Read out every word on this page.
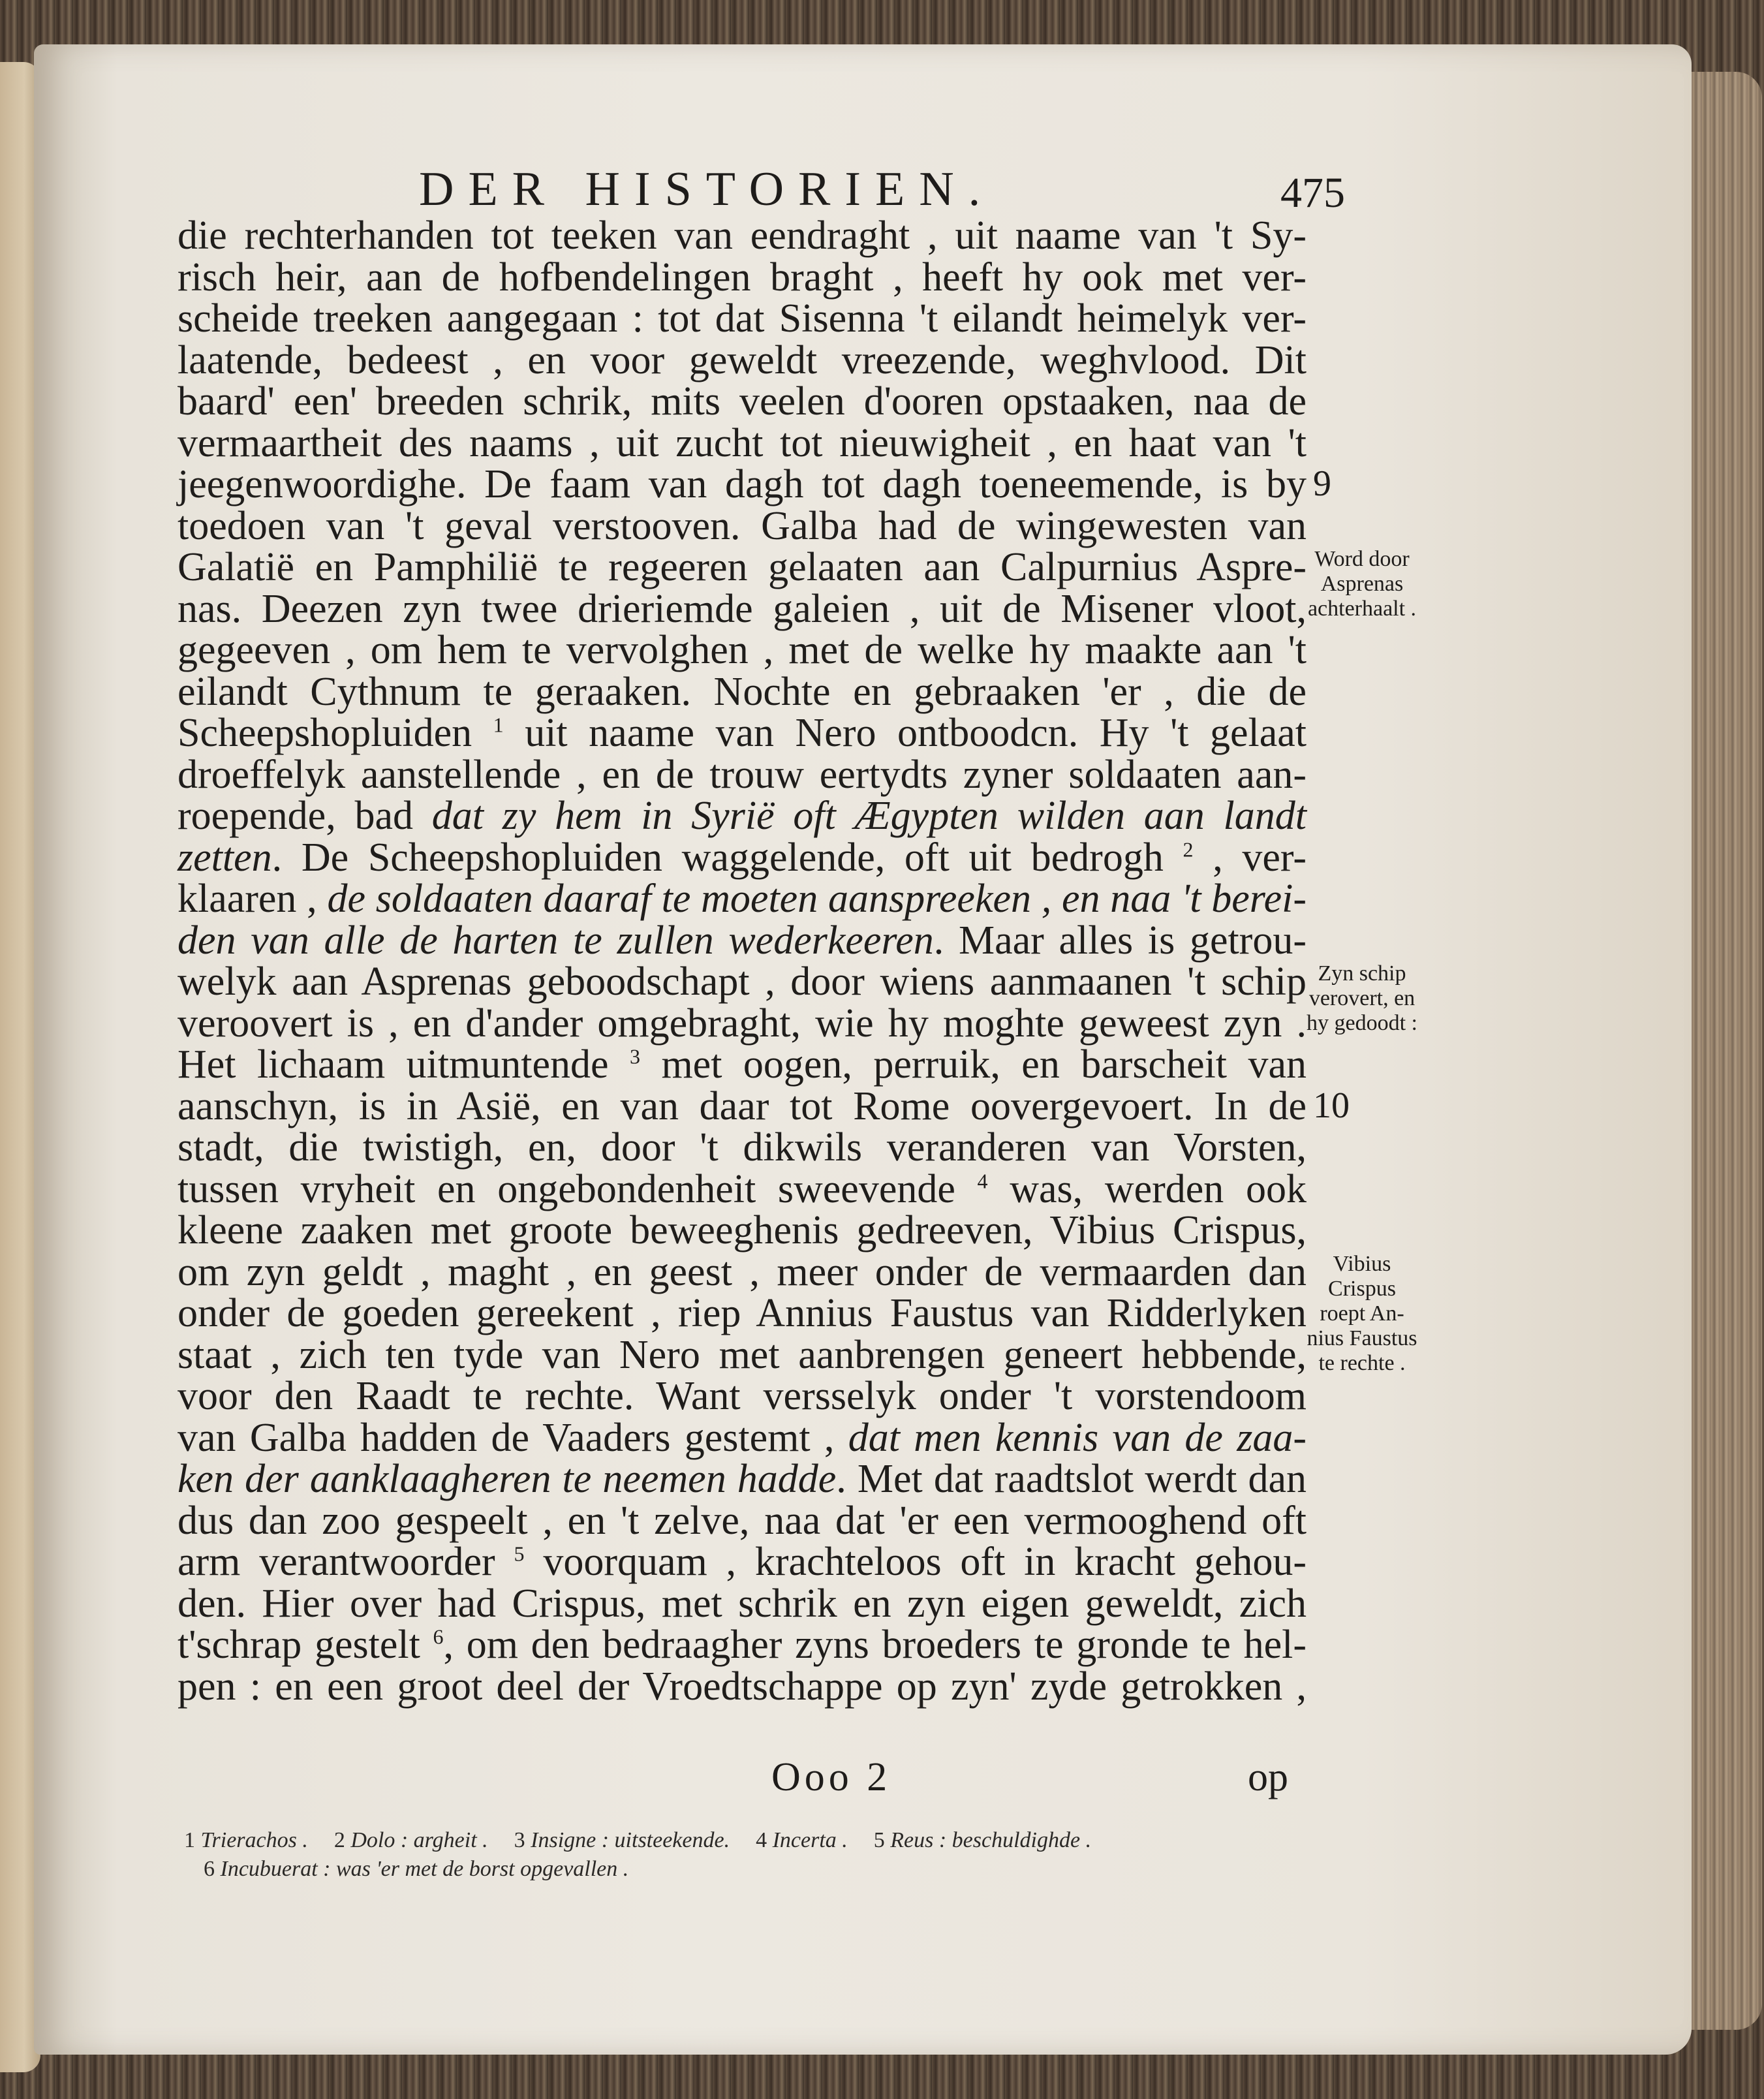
DER HISTORIEN.	475
die rechterhanden tot teeken van eendraght , uit naame van 't Sy-
risch heir, aan de hofbendelingen braght , heeft hy ook met ver-
scheide treeken aangegaan : tot dat Sisenna 't eilandt heimelyk ver-
laatende, bedeest , en voor geweldt vreezende, weghvlood. Dit
baard' een' breeden schrik, mits veelen d'ooren opstaaken, naa de
vermaartheit des naams , uit zucht tot nieuwigheit , en haat van 't
jeegenwoordighe. De faam van dagh tot dagh toeneemende, is by
toedoen van 't geval verstooven. Galba had de wingewesten van
Galatië en Pamphilië te regeeren gelaaten aan Calpurnius Aspre-
nas. Deezen zyn twee drieriemde galeien , uit de Misener vloot,
gegeeven , om hem te vervolghen , met de welke hy maakte aan 't
eilandt Cythnum te geraaken. Nochte en gebraaken 'er , die de
Scheepshopluiden $^1$ uit naame van Nero ontboodcn. Hy 't gelaat
droeffelyk aanstellende , en de trouw eertydts zyner soldaaten aan-
roepende, bad dat zy hem in Syrië oft Ægypten wilden aan landt
zetten. De Scheepshopluiden waggelende, oft uit bedrogh $^2$ , ver-
klaaren , de soldaaten daaraf te moeten aanspreeken , en naa 't berei-
den van alle de harten te zullen wederkeeren. Maar alles is getrou-
welyk aan Asprenas geboodschapt , door wiens aanmaanen 't schip
veroovert is , en d'ander omgebraght, wie hy moghte geweest zyn .
Het lichaam uitmuntende $^3$ met oogen, perruik, en barscheit van
aanschyn, is in Asië, en van daar tot Rome oovergevoert. In de
stadt, die twistigh, en, door 't dikwils veranderen van Vorsten,
tussen vryheit en ongebondenheit sweevende $^4$ was, werden ook
kleene zaaken met groote beweeghenis gedreeven, Vibius Crispus,
om zyn geldt , maght , en geest , meer onder de vermaarden dan
onder de goeden gereekent , riep Annius Faustus van Ridderlyken
staat , zich ten tyde van Nero met aanbrengen geneert hebbende,
voor den Raadt te rechte. Want versselyk onder 't vorstendoom
van Galba hadden de Vaaders gestemt , dat men kennis van de zaa-
ken der aanklaagheren te neemen hadde. Met dat raadtslot werdt dan
dus dan zoo gespeelt , en 't zelve, naa dat 'er een vermooghend oft
arm verantwoorder $^5$ voorquam , krachteloos oft in kracht gehou-
den. Hier over had Crispus, met schrik en zyn eigen geweldt, zich
t'schrap gestelt $^6$, om den bedraagher zyns broeders te gronde te hel-
pen : en een groot deel der Vroedtschappe op zyn' zyde getrokken ,
9
10
Word door
Asprenas
achterhaalt .
Zyn schip
verovert, en
hy gedoodt :
Vibius
Crispus
roept An-
nius Faustus
te rechte .
Ooo 2	op
1 Trierachos . 2 Dolo : argheit . 3 Insigne : uitsteekende. 4 Incerta . 5 Reus : beschuldighde .
6 Incubuerat : was 'er met de borst opgevallen .
